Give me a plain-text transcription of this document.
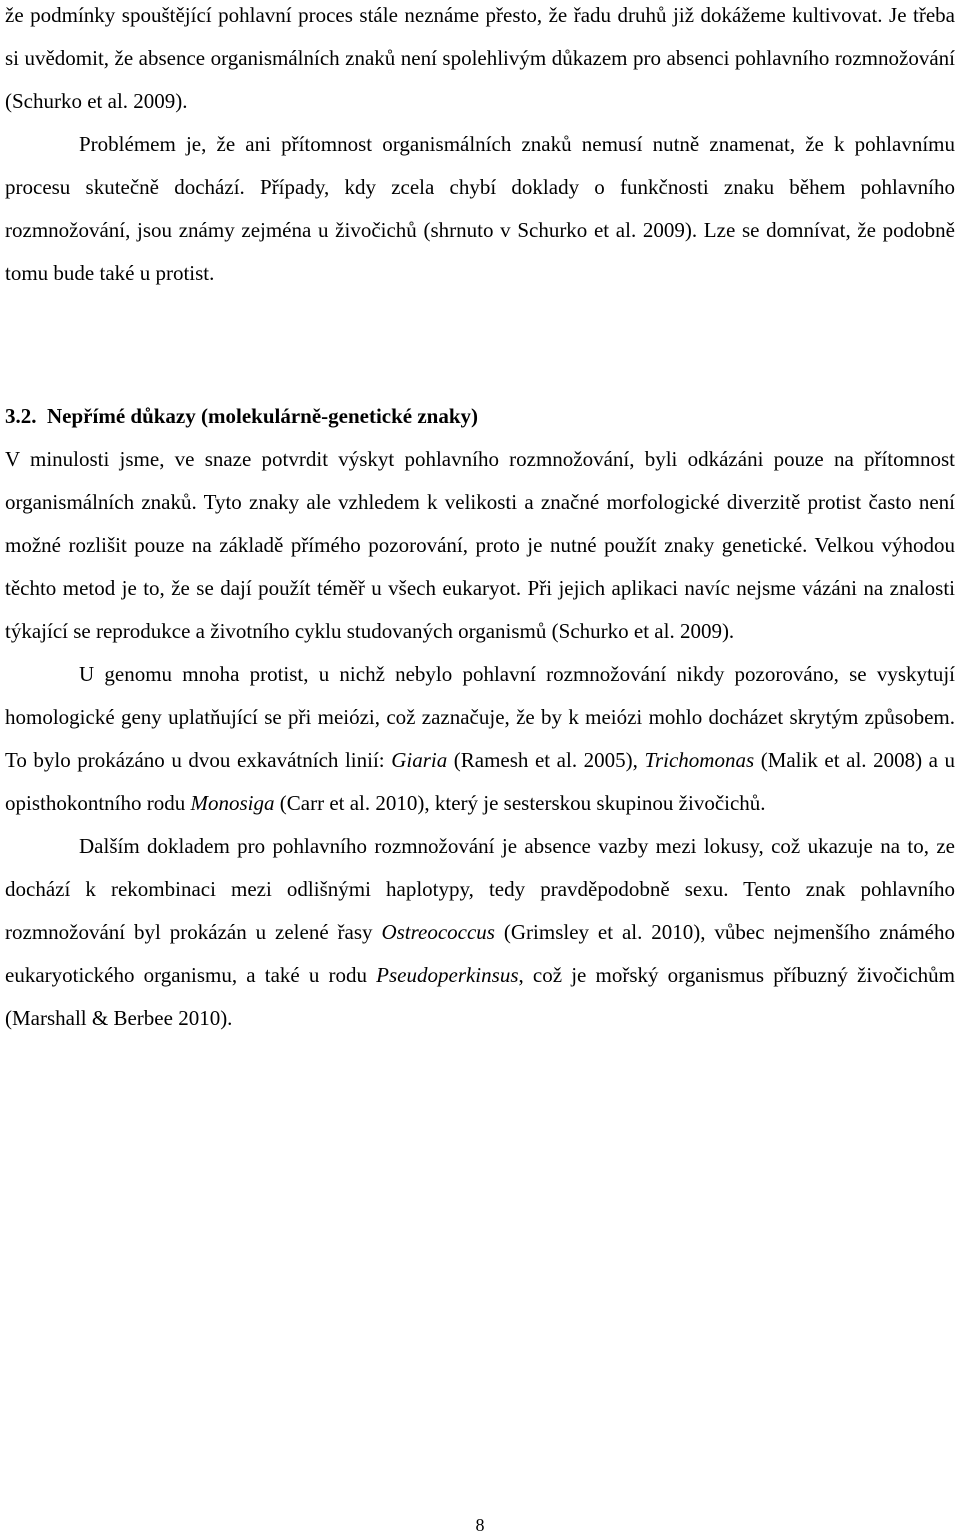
že podmínky spouštějící pohlavní proces stále neznáme přesto, že řadu druhů již dokážeme kultivovat. Je třeba si uvědomit, že absence organismálních znaků není spolehlivým důkazem pro absenci pohlavního rozmnožování (Schurko et al. 2009).

Problémem je, že ani přítomnost organismálních znaků nemusí nutně znamenat, že k pohlavnímu procesu skutečně dochází. Případy, kdy zcela chybí doklady o funkčnosti znaku během pohlavního rozmnožování, jsou známy zejména u živočichů (shrnuto v Schurko et al. 2009). Lze se domnívat, že podobně tomu bude také u protist.

3.2.  Nepřímé důkazy (molekulárně-genetické znaky)

V minulosti jsme, ve snaze potvrdit výskyt pohlavního rozmnožování, byli odkázáni pouze na přítomnost organismálních znaků. Tyto znaky ale vzhledem k velikosti a značné morfologické diverzitě protist často není možné rozlišit pouze na základě přímého pozorování, proto je nutné použít znaky genetické. Velkou výhodou těchto metod je to, že se dají použít téměř u všech eukaryot. Při jejich aplikaci navíc nejsme vázáni na znalosti týkající se reprodukce a životního cyklu studovaných organismů (Schurko et al. 2009).

U genomu mnoha protist, u nichž nebylo pohlavní rozmnožování nikdy pozorováno, se vyskytují homologické geny uplatňující se při meiózi, což zaznačuje, že by k meiózi mohlo docházet skrytým způsobem. To bylo prokázáno u dvou exkavátních linií: Giaria (Ramesh et al. 2005), Trichomonas (Malik et al. 2008) a u opisthokontního rodu Monosiga (Carr et al. 2010), který je sesterskou skupinou živočichů.

Dalším dokladem pro pohlavního rozmnožování je absence vazby mezi lokusy, což ukazuje na to, ze dochází k rekombinaci mezi odlišnými haplotypy, tedy pravděpodobně sexu. Tento znak pohlavního rozmnožování byl prokázán u zelené řasy Ostreococcus (Grimsley et al. 2010), vůbec nejmenšího známého eukaryotického organismu, a také u rodu Pseudoperkinsus, což je mořský organismus příbuzný živočichům (Marshall & Berbee 2010).

8
